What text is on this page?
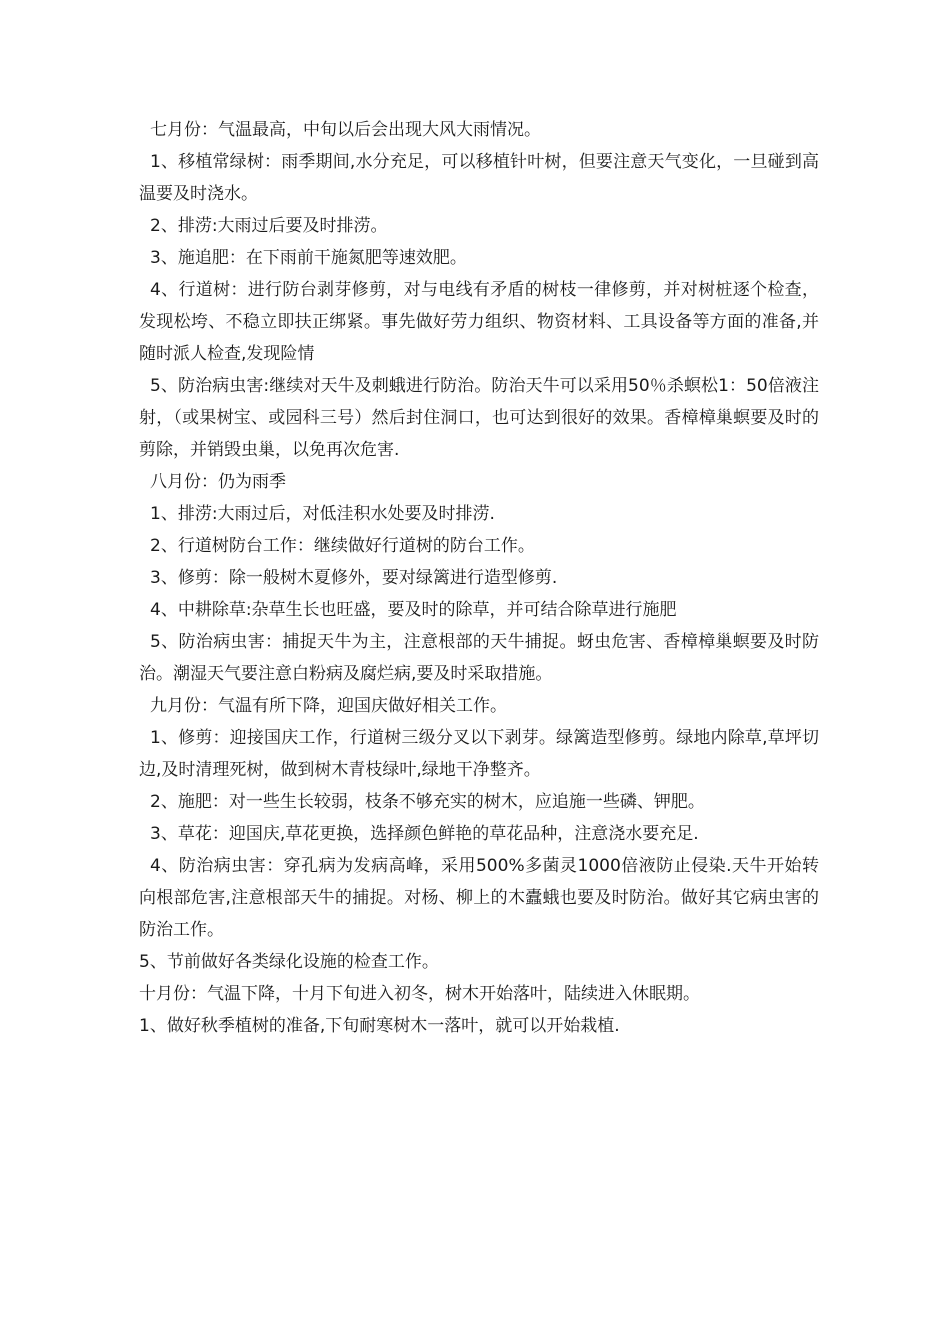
七月份：气温最高，中旬以后会出现大风大雨情况。

1、移植常绿树：雨季期间,水分充足，可以移植针叶树，但要注意天气变化，一旦碰到高温要及时浇水。

2、排涝:大雨过后要及时排涝。

3、施追肥：在下雨前干施氮肥等速效肥。

4、行道树：进行防台剥芽修剪，对与电线有矛盾的树枝一律修剪，并对树桩逐个检查，发现松垮、不稳立即扶正绑紧。事先做好劳力组织、物资材料、工具设备等方面的准备,并随时派人检查,发现险情

5、防治病虫害:继续对天牛及刺蛾进行防治。防治天牛可以采用50％杀螟松1：50倍液注射，（或果树宝、或园科三号）然后封住洞口，也可达到很好的效果。香樟樟巢螟要及时的剪除，并销毁虫巢，以免再次危害.

八月份：仍为雨季

1、排涝:大雨过后，对低洼积水处要及时排涝.

2、行道树防台工作：继续做好行道树的防台工作。

3、修剪：除一般树木夏修外，要对绿篱进行造型修剪.

4、中耕除草:杂草生长也旺盛，要及时的除草，并可结合除草进行施肥

5、防治病虫害：捕捉天牛为主，注意根部的天牛捕捉。蚜虫危害、香樟樟巢螟要及时防治。潮湿天气要注意白粉病及腐烂病,要及时采取措施。

九月份：气温有所下降，迎国庆做好相关工作。

1、修剪：迎接国庆工作，行道树三级分叉以下剥芽。绿篱造型修剪。绿地内除草,草坪切边,及时清理死树，做到树木青枝绿叶,绿地干净整齐。

2、施肥：对一些生长较弱，枝条不够充实的树木，应追施一些磷、钾肥。

3、草花：迎国庆,草花更换，选择颜色鲜艳的草花品种，注意浇水要充足.

4、防治病虫害：穿孔病为发病高峰，采用500%多菌灵1000倍液防止侵染.天牛开始转向根部危害,注意根部天牛的捕捉。对杨、柳上的木蠹蛾也要及时防治。做好其它病虫害的防治工作。

5、节前做好各类绿化设施的检查工作。

十月份：气温下降，十月下旬进入初冬，树木开始落叶，陆续进入休眠期。

1、做好秋季植树的准备,下旬耐寒树木一落叶，就可以开始栽植.
